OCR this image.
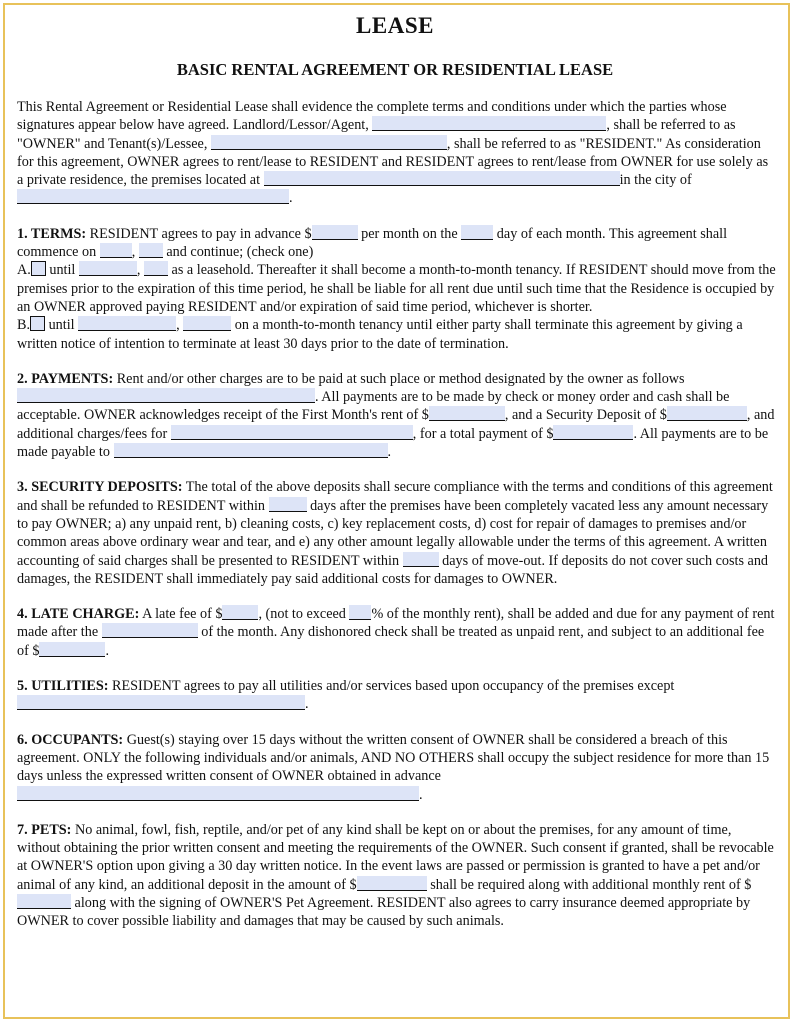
LEASE
BASIC RENTAL AGREEMENT OR RESIDENTIAL LEASE

This Rental Agreement or Residential Lease shall evidence the complete terms and conditions under which the parties whose signatures appear below have agreed. Landlord/Lessor/Agent,	, shall be referred to as "OWNER" and Tenant(s)/Lessee,	, shall be referred to as "RESIDENT." As consideration for this agreement, OWNER agrees to rent/lease to RESIDENT and RESIDENT agrees to rent/lease from OWNER for use solely as a private residence, the premises located at	in the city of .

1. TERMS: RESIDENT agrees to pay in advance $	per month on the  day of each month. This agreement shall commence on ,  and continue; (check one)
A. until	,  as a leasehold. Thereafter it shall become a month-to-month tenancy. If RESIDENT should move from the premises prior to the expiration of this time period, he shall be liable for all rent due until such time that the Residence is occupied by an OWNER approved paying RESIDENT and/or expiration of said time period, whichever is shorter.
B. until	,	on a month-to-month tenancy until either party shall terminate this agreement by giving a written notice of intention to terminate at least 30 days prior to the date of termination.

2. PAYMENTS: Rent and/or other charges are to be paid at such place or method designated by the owner as follows . All payments are to be made by check or money order and cash shall be acceptable. OWNER acknowledges receipt of the First Month's rent of $	, and a Security Deposit of $	, and additional charges/fees for	, for a total payment of $	. All payments are to be made payable to	.

3. SECURITY DEPOSITS: The total of the above deposits shall secure compliance with the terms and conditions of this agreement and shall be refunded to RESIDENT within	days after the premises have been completely vacated less any amount necessary to pay OWNER; a) any unpaid rent, b) cleaning costs, c) key replacement costs, d) cost for repair of damages to premises and/or common areas above ordinary wear and tear, and e) any other amount legally allowable under the terms of this agreement. A written accounting of said charges shall be presented to RESIDENT within	days of move-out. If deposits do not cover such costs and damages, the RESIDENT shall immediately pay said additional costs for damages to OWNER.

4. LATE CHARGE: A late fee of $	, (not to exceed % of the monthly rent), shall be added and due for any payment of rent made after the	of the month. Any dishonored check shall be treated as unpaid rent, and subject to an additional fee of $	.

5. UTILITIES: RESIDENT agrees to pay all utilities and/or services based upon occupancy of the premises except .

6. OCCUPANTS: Guest(s) staying over 15 days without the written consent of OWNER shall be considered a breach of this agreement. ONLY the following individuals and/or animals, AND NO OTHERS shall occupy the subject residence for more than 15 days unless the expressed written consent of OWNER obtained in advance .

7. PETS: No animal, fowl, fish, reptile, and/or pet of any kind shall be kept on or about the premises, for any amount of time, without obtaining the prior written consent and meeting the requirements of the OWNER. Such consent if granted, shall be revocable at OWNER'S option upon giving a 30 day written notice. In the event laws are passed or permission is granted to have a pet and/or animal of any kind, an additional deposit in the amount of $	shall be required along with additional monthly rent of $ along with the signing of OWNER'S Pet Agreement. RESIDENT also agrees to carry insurance deemed appropriate by OWNER to cover possible liability and damages that may be caused by such animals.
